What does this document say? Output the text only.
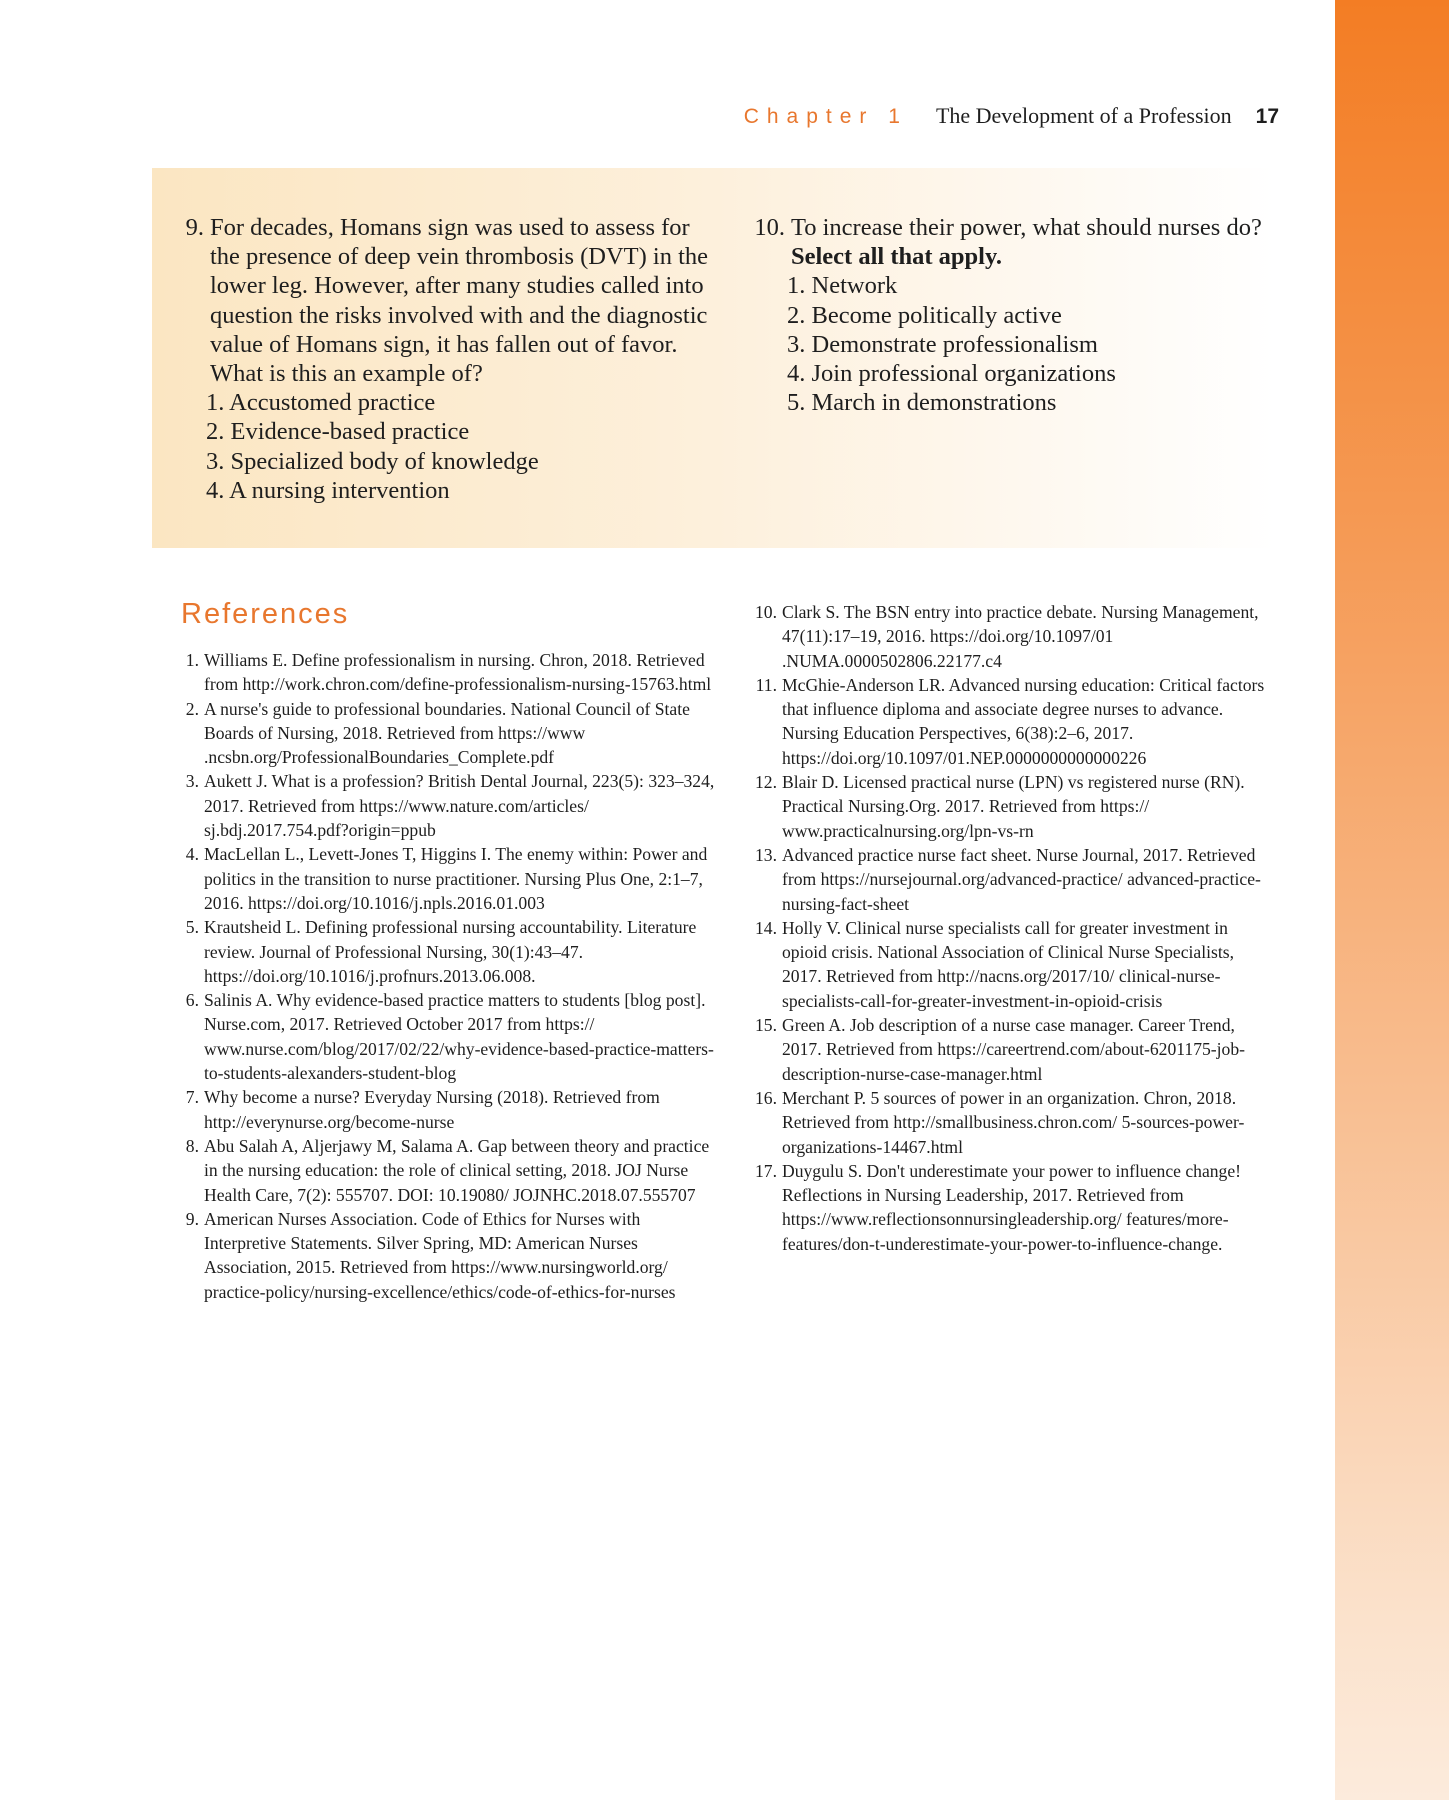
Chapter 1 The Development of a Profession 17
9. For decades, Homans sign was used to assess for the presence of deep vein thrombosis (DVT) in the lower leg. However, after many studies called into question the risks involved with and the diagnostic value of Homans sign, it has fallen out of favor. What is this an example of?
1. Accustomed practice
2. Evidence-based practice
3. Specialized body of knowledge
4. A nursing intervention
10. To increase their power, what should nurses do?
Select all that apply.
1. Network
2. Become politically active
3. Demonstrate professionalism
4. Join professional organizations
5. March in demonstrations
References
1. Williams E. Define professionalism in nursing. Chron, 2018. Retrieved from http://work.chron.com/define-professionalism-nursing-15763.html
2. A nurse's guide to professional boundaries. National Council of State Boards of Nursing, 2018. Retrieved from https://www .ncsbn.org/ProfessionalBoundaries_Complete.pdf
3. Aukett J. What is a profession? British Dental Journal, 223(5): 323–324, 2017. Retrieved from https://www.nature.com/articles/ sj.bdj.2017.754.pdf?origin=ppub
4. MacLellan L., Levett-Jones T, Higgins I. The enemy within: Power and politics in the transition to nurse practitioner. Nursing Plus One, 2:1–7, 2016. https://doi.org/10.1016/j.npls.2016.01.003
5. Krautsheid L. Defining professional nursing accountability. Literature review. Journal of Professional Nursing, 30(1):43–47. https://doi.org/10.1016/j.profnurs.2013.06.008.
6. Salinis A. Why evidence-based practice matters to students [blog post]. Nurse.com, 2017. Retrieved October 2017 from https:// www.nurse.com/blog/2017/02/22/why-evidence-based-practice-matters-to-students-alexanders-student-blog
7. Why become a nurse? Everyday Nursing (2018). Retrieved from http://everynurse.org/become-nurse
8. Abu Salah A, Aljerjawy M, Salama A. Gap between theory and practice in the nursing education: the role of clinical setting, 2018. JOJ Nurse Health Care, 7(2): 555707. DOI: 10.19080/ JOJNHC.2018.07.555707
9. American Nurses Association. Code of Ethics for Nurses with Interpretive Statements. Silver Spring, MD: American Nurses Association, 2015. Retrieved from https://www.nursingworld.org/ practice-policy/nursing-excellence/ethics/code-of-ethics-for-nurses
10. Clark S. The BSN entry into practice debate. Nursing Management, 47(11):17–19, 2016. https://doi.org/10.1097/01 .NUMA.0000502806.22177.c4
11. McGhie-Anderson LR. Advanced nursing education: Critical factors that influence diploma and associate degree nurses to advance. Nursing Education Perspectives, 6(38):2–6, 2017. https://doi.org/10.1097/01.NEP.0000000000000226
12. Blair D. Licensed practical nurse (LPN) vs registered nurse (RN). Practical Nursing.Org. 2017. Retrieved from https:// www.practicalnursing.org/lpn-vs-rn
13. Advanced practice nurse fact sheet. Nurse Journal, 2017. Retrieved from https://nursejournal.org/advanced-practice/ advanced-practice-nursing-fact-sheet
14. Holly V. Clinical nurse specialists call for greater investment in opioid crisis. National Association of Clinical Nurse Specialists, 2017. Retrieved from http://nacns.org/2017/10/ clinical-nurse-specialists-call-for-greater-investment-in-opioid-crisis
15. Green A. Job description of a nurse case manager. Career Trend, 2017. Retrieved from https://careertrend.com/about-6201175-job-description-nurse-case-manager.html
16. Merchant P. 5 sources of power in an organization. Chron, 2018. Retrieved from http://smallbusiness.chron.com/ 5-sources-power-organizations-14467.html
17. Duygulu S. Don't underestimate your power to influence change! Reflections in Nursing Leadership, 2017. Retrieved from https://www.reflectionsonnursingleadership.org/ features/more-features/don-t-underestimate-your-power-to-influence-change.
